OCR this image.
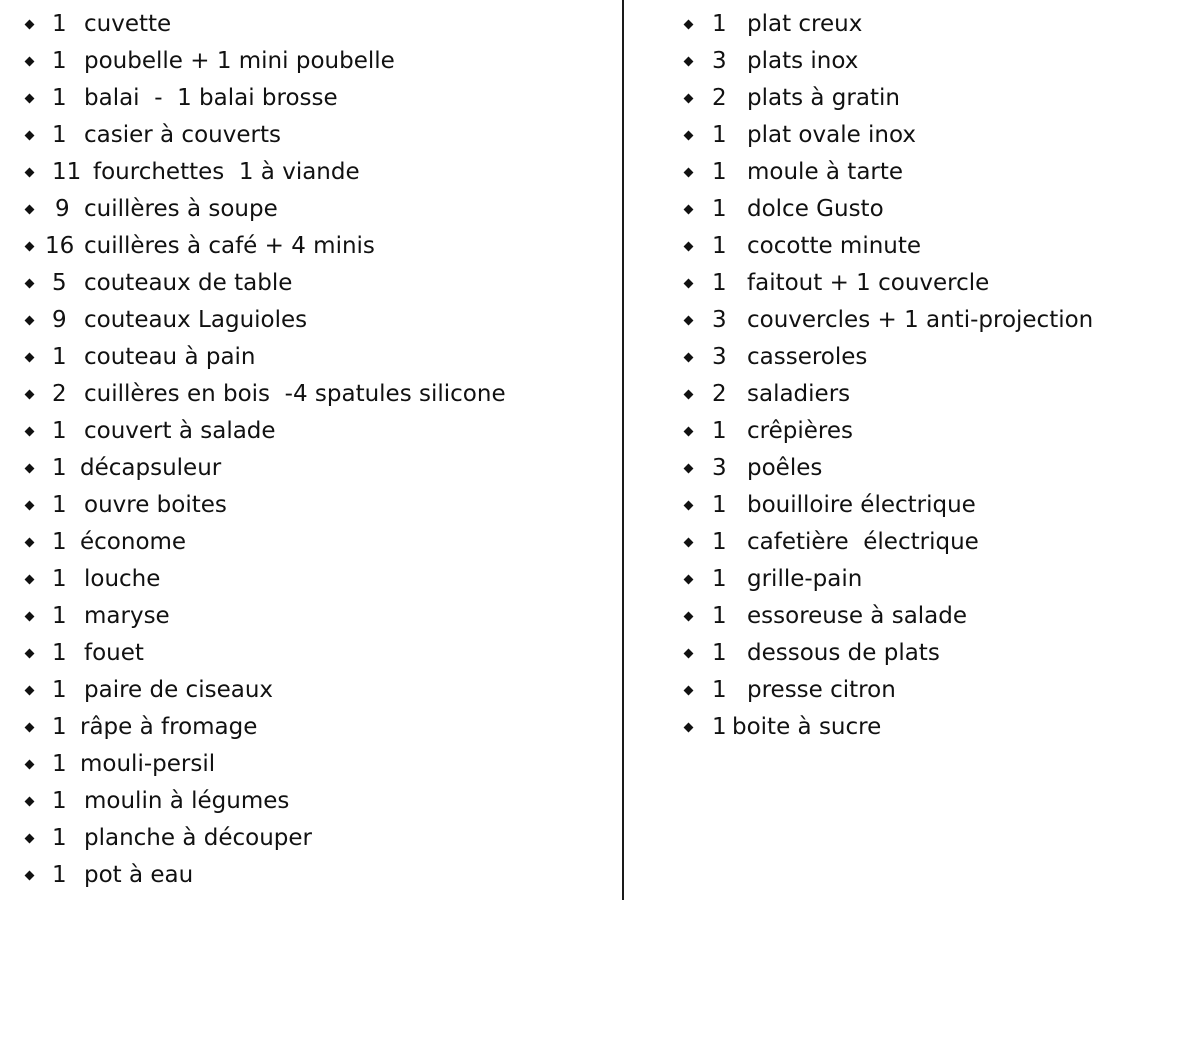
1

cuvette

1

poubelle + 1 mini poubelle

1

balai  -  1 balai brosse

1

casier à couverts

11

fourchettes  1 à viande

9

cuillères à soupe

16

cuillères à café + 4 minis

5

couteaux de table

9

couteaux Laguioles

1

couteau à pain

2

cuillères en bois  -4 spatules silicone

1

couvert à salade

1

décapsuleur

1

ouvre boites

1

économe

1

louche

1

maryse

1

fouet

1

paire de ciseaux

1

râpe à fromage

1

mouli-persil

1

moulin à légumes

1

planche à découper

1

pot à eau

1

plat creux

3

plats inox

2

plats à gratin

1

plat ovale inox

1

moule à tarte

1

dolce Gusto

1

cocotte minute

1

faitout + 1 couvercle

3

couvercles + 1 anti-projection

3

casseroles

2

saladiers

1

crêpières

3

poêles

1

bouilloire électrique

1

cafetière  électrique

1

grille-pain

1

essoreuse à salade

1

dessous de plats

1

presse citron

1

boite à sucre
